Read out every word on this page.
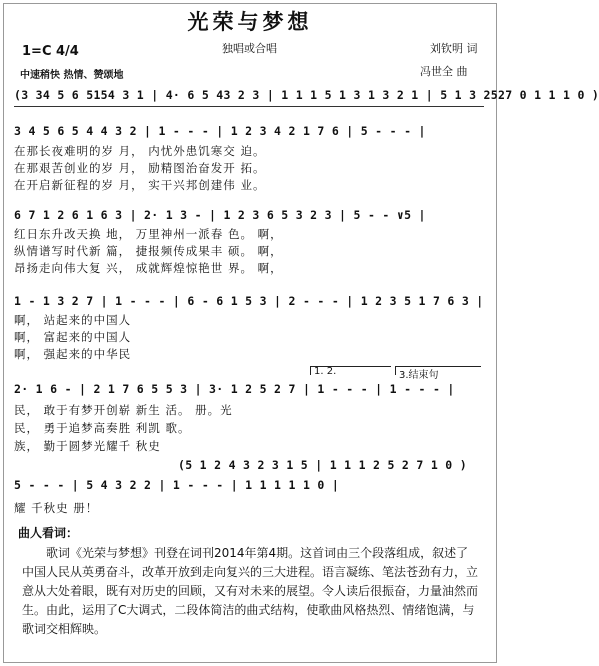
光荣与梦想
独唱或合唱
1=C 4/4
中速稍快 热情、赞颂地
刘钦明 词
冯世全 曲
(3 34 5 6 5154 3 1 | 4· 6 5 43 2 3 | 1 1 1 5 1 3 1 3 2 1 | 5 1 3 2527 0 1 1 1 0 )
3 4 5 6 5 4 4 3 2 | 1 - - - | 1 2 3 4 2 1 7 6 | 5 - - - |
在那长夜难明的岁 月， 内忧外患饥寒交 迫。
在那艰苦创业的岁 月， 励精图治奋发开 拓。
在开启新征程的岁 月， 实干兴邦创建伟 业。
6 7 1 2 6 1 6 3 | 2· 1 3 - | 1 2 3 6 5 3 2 3 | 5 - - ∨5 |
红日东升改天换 地， 万里神州一派春 色。 啊，
纵情谱写时代新 篇， 捷报频传成果丰 硕。 啊，
昂扬走向伟大复 兴， 成就辉煌惊艳世 界。 啊，
1 - 1 3 2 7 | 1 - - - | 6 - 6 1 5 3 | 2 - - - | 1 2 3 5 1 7 6 3 |
啊， 站起来的中国人
啊， 富起来的中国人
啊， 强起来的中华民
1. 2.	3.结束句
2· 1 6 - | 2 1 7 6 5 5 3 | 3· 1 2 5 2 7 | 1 - - - | 1 - - - |
民， 敢于有梦开创崭 新生 活。 册。光
民， 勇于追梦高奏胜 利凯 歌。
族， 勤于圆梦光耀千 秋史
(5 1 2 4 3 2 3 1 5 | 1 1 1 2 5 2 7 1 0 )
5 - - - | 5 4 3 2 2 | 1 - - - | 1 1 1 1 1 0 |
耀 千秋史 册！
曲人看词：
歌词《光荣与梦想》刊登在词刊2014年第4期。这首词由三个段落组成，叙述了中国人民从英勇奋斗，改革开放到走向复兴的三大进程。语言凝练、笔法苍劲有力，立意从大处着眼，既有对历史的回顾，又有对未来的展望。令人读后很振奋，力量油然而生。由此，运用了C大调式，二段体简洁的曲式结构，使歌曲风格热烈、情绪饱满，与歌词交相辉映。
